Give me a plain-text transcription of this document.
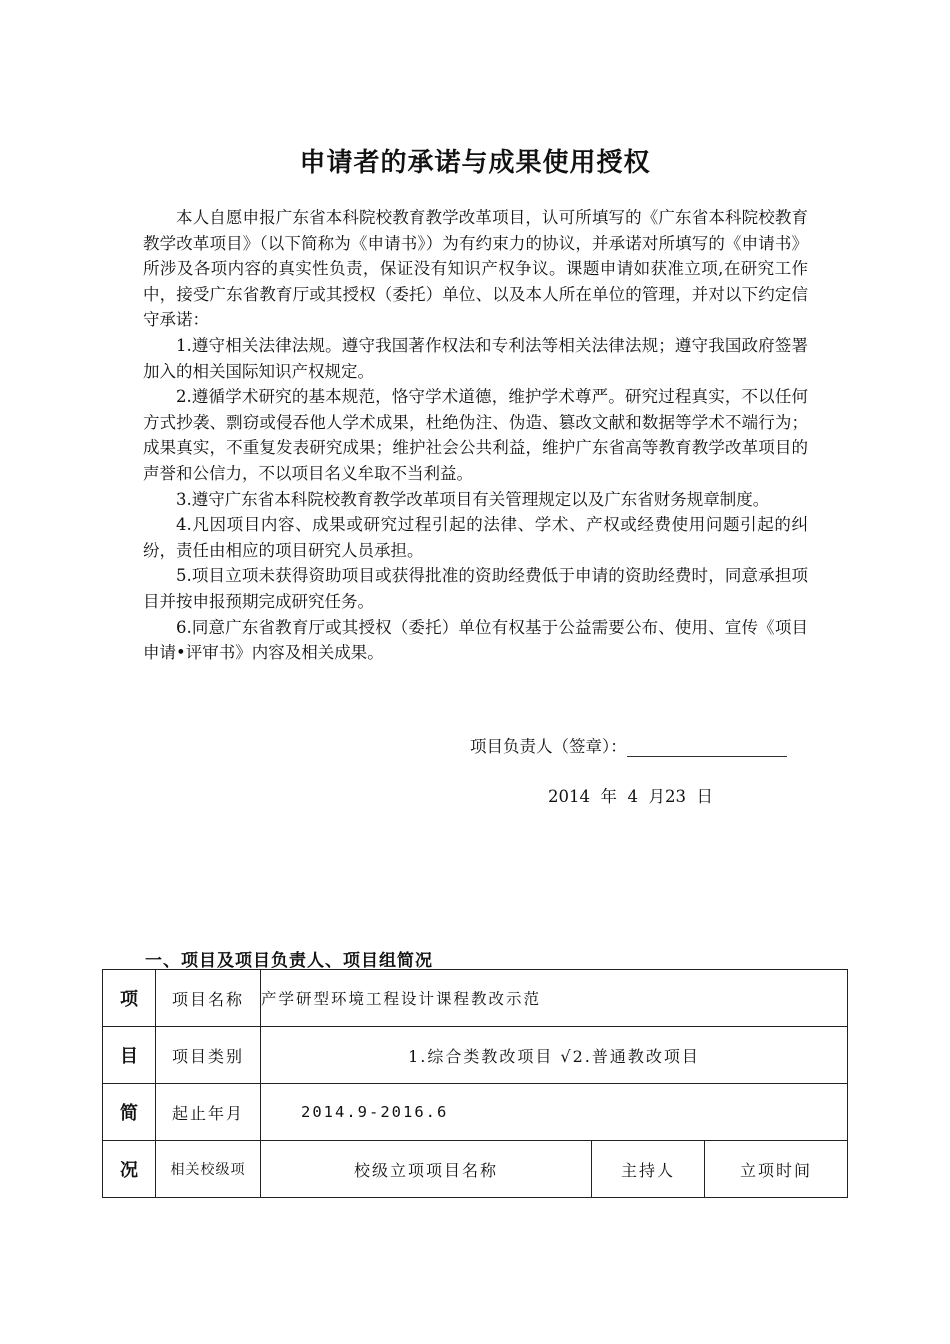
申请者的承诺与成果使用授权

本人自愿申报广东省本科院校教育教学改革项目，认可所填写的《广东省本科院校教育教学改革项目》（以下简称为《申请书》）为有约束力的协议，并承诺对所填写的《申请书》所涉及各项内容的真实性负责，保证没有知识产权争议。课题申请如获准立项,在研究工作中，接受广东省教育厅或其授权（委托）单位、以及本人所在单位的管理，并对以下约定信守承诺：

1.遵守相关法律法规。遵守我国著作权法和专利法等相关法律法规；遵守我国政府签署加入的相关国际知识产权规定。

2.遵循学术研究的基本规范，恪守学术道德，维护学术尊严。研究过程真实，不以任何方式抄袭、剽窃或侵吞他人学术成果，杜绝伪注、伪造、篡改文献和数据等学术不端行为；成果真实，不重复发表研究成果；维护社会公共利益，维护广东省高等教育教学改革项目的声誉和公信力，不以项目名义牟取不当利益。

3.遵守广东省本科院校教育教学改革项目有关管理规定以及广东省财务规章制度。

4.凡因项目内容、成果或研究过程引起的法律、学术、产权或经费使用问题引起的纠纷，责任由相应的项目研究人员承担。

5.项目立项未获得资助项目或获得批准的资助经费低于申请的资助经费时，同意承担项目并按申报预期完成研究任务。

6.同意广东省教育厅或其授权（委托）单位有权基于公益需要公布、使用、宣传《项目申请•评审书》内容及相关成果。

项目负责人（签章）：
2014  年  4  月23  日
一、项目及项目负责人、项目组简况
项	项目名称	产学研型环境工程设计课程教改示范		
目	项目类别	1.综合类教改项目 √2.普通教改项目		
简	起止年月	2014.9-2016.6		
况	相关校级项	校级立项项目名称	主持人	立项时间
